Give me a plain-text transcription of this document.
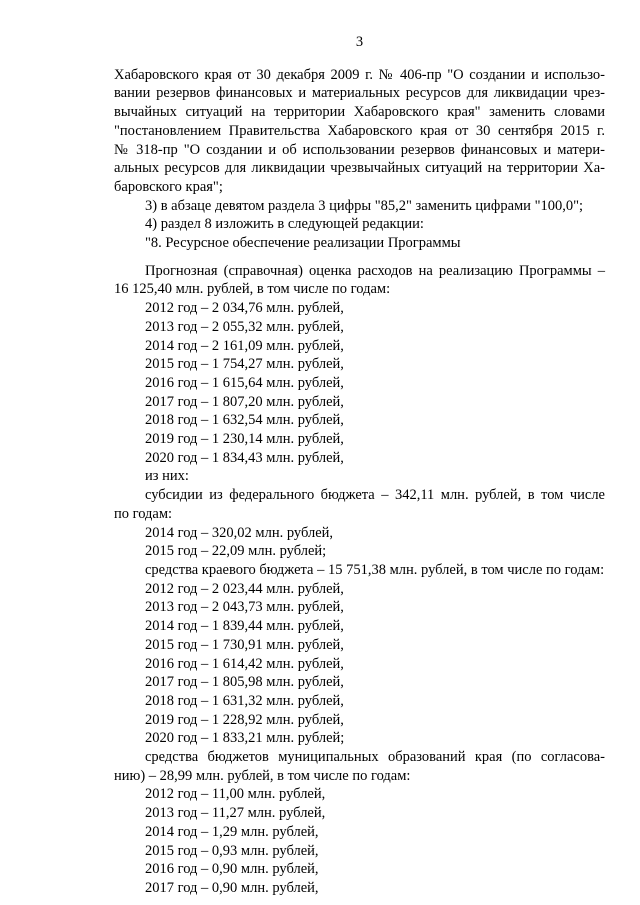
3
Хабаровского края от 30 декабря 2009 г. № 406-пр "О создании и использо-
вании резервов финансовых и материальных ресурсов для ликвидации чрез-
вычайных ситуаций на территории Хабаровского края" заменить словами
"постановлением Правительства Хабаровского края от 30 сентября 2015 г.
№ 318-пр "О создании и об использовании резервов финансовых и матери-
альных ресурсов для ликвидации чрезвычайных ситуаций на территории Ха-
баровского края";
3) в абзаце девятом раздела 3 цифры "85,2" заменить цифрами "100,0";
4) раздел 8 изложить в следующей редакции:
"8. Ресурсное обеспечение реализации Программы
Прогнозная (справочная) оценка расходов на реализацию Программы –
16 125,40 млн. рублей, в том числе по годам:
2012 год – 2 034,76 млн. рублей,
2013 год – 2 055,32 млн. рублей,
2014 год – 2 161,09 млн. рублей,
2015 год – 1 754,27 млн. рублей,
2016 год – 1 615,64 млн. рублей,
2017 год – 1 807,20 млн. рублей,
2018 год – 1 632,54 млн. рублей,
2019 год – 1 230,14 млн. рублей,
2020 год – 1 834,43 млн. рублей,
из них:
субсидии из федерального бюджета – 342,11 млн. рублей, в том числе
по годам:
2014 год – 320,02 млн. рублей,
2015 год – 22,09 млн. рублей;
средства краевого бюджета – 15 751,38 млн. рублей, в том числе по годам:
2012 год – 2 023,44 млн. рублей,
2013 год – 2 043,73 млн. рублей,
2014 год – 1 839,44 млн. рублей,
2015 год – 1 730,91 млн. рублей,
2016 год – 1 614,42 млн. рублей,
2017 год – 1 805,98 млн. рублей,
2018 год – 1 631,32 млн. рублей,
2019 год – 1 228,92 млн. рублей,
2020 год – 1 833,21 млн. рублей;
средства бюджетов муниципальных образований края (по согласова-
нию) – 28,99 млн. рублей, в том числе по годам:
2012 год – 11,00 млн. рублей,
2013 год – 11,27 млн. рублей,
2014 год – 1,29 млн. рублей,
2015 год – 0,93 млн. рублей,
2016 год – 0,90 млн. рублей,
2017 год – 0,90 млн. рублей,
